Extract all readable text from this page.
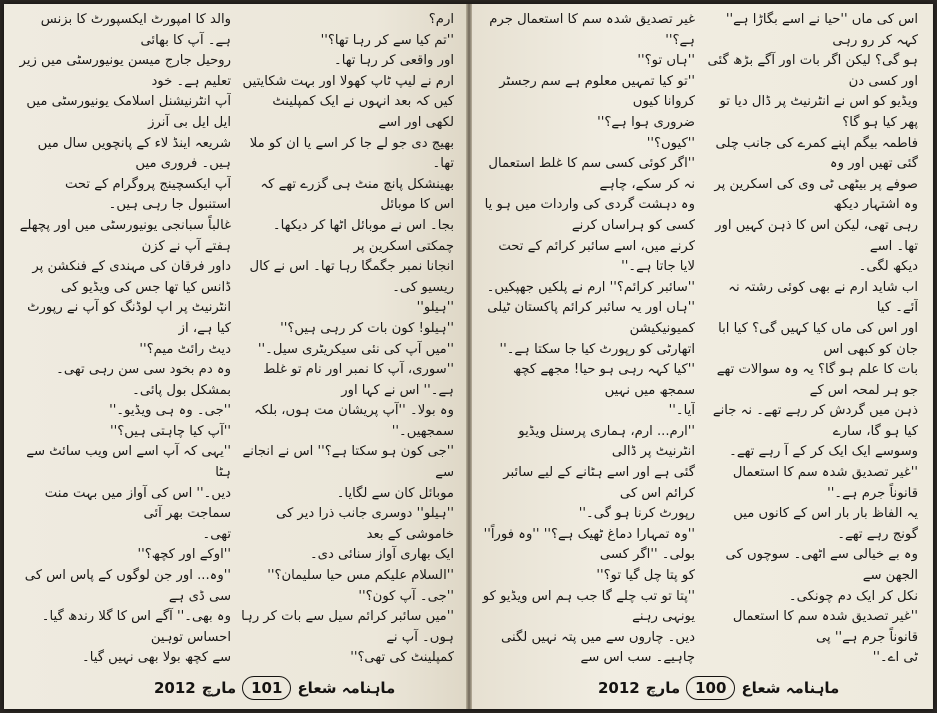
ارم؟

''تم کیا سے کر رہا تھا؟''

اور واقعی کر رہا تھا۔

ارم نے لیپ ٹاپ کھولا اور بہت شکایتیں کیں کہ بعد انہوں نے ایک کمپلینٹ لکھی اور اسے

بھیج دی جو لے جا کر اسے یا ان کو ملا تھا۔

بھینشکل پانچ منٹ ہی گزرے تھے کہ اس کا موبائل

بجا۔ اس نے موبائل اٹھا کر دیکھا۔ چمکتی اسکرین پر

انجانا نمبر جگمگا رہا تھا۔ اس نے کال ریسیو کی۔

''ہیلو''

''ہیلو! کون بات کر رہی ہیں؟''

''میں آپ کی نئی سیکریٹری سیل۔''

''سوری، آپ کا نمبر اور نام تو غلط ہے۔'' اس نے کہا اور

وہ بولا۔ ''آپ پریشان مت ہوں، بلکہ سمجھیں۔''

''جی کون ہو سکتا ہے؟'' اس نے انجانے سے

موبائل کان سے لگایا۔

''ہیلو'' دوسری جانب ذرا دیر کی خاموشی کے بعد

ایک بھاری آواز سنائی دی۔

''السلام علیکم مس حیا سلیمان؟''

''جی۔ آپ کون؟''

''میں سائبر کرائم سیل سے بات کر رہا ہوں۔ آپ نے

کمپلینٹ کی تھی؟''

والد کا امپورٹ ایکسپورٹ کا بزنس ہے۔ آپ کا بھائی

روحیل جارج میسن یونیورسٹی میں زیر تعلیم ہے۔ خود

آپ انٹرنیشنل اسلامک یونیورسٹی میں ایل ایل بی آنرز

شریعہ اینڈ لاء کے پانچویں سال میں ہیں۔ فروری میں

آپ ایکسچینج پروگرام کے تحت استنبول جا رہی ہیں۔

غالباً سبانجی یونیورسٹی میں اور پچھلے ہفتے آپ نے کزن

داور فرقان کی مہندی کے فنکشن پر ڈانس کیا تھا جس کی ویڈیو کی

انٹرنیٹ پر اپ لوڈنگ کو آپ نے رپورٹ کیا ہے، از

دیٹ رائٹ میم؟''

وہ دم بخود سی سن رہی تھی۔ بمشکل بول پائی۔

''جی۔ وہ ہی ویڈیو۔''

''آپ کیا چاہتی ہیں؟''

''یہی کہ آپ اسے اس ویب سائٹ سے ہٹا

دیں۔'' اس کی آواز میں بہت منت سماجت بھر آئی

تھی۔

''اوکے اور کچھ؟''

''وہ... اور جن لوگوں کے پاس اس کی سی ڈی ہے

وہ بھی۔'' آگے اس کا گلا رندھ گیا۔ احساس توہین

سے کچھ بولا بھی نہیں گیا۔

ماہنامہ شعاع
101
مارچ
2012

اس کی ماں ''حیا نے اسے بگاڑا ہے'' کہہ کر رو رہی

ہو گی؟ لیکن اگر بات اور آگے بڑھ گئی اور کسی دن

ویڈیو کو اس نے انٹرنیٹ پر ڈال دیا تو پھر کیا ہو گا؟

فاطمہ بیگم اپنے کمرے کی جانب چلی گئی تھیں اور وہ

صوفے پر بیٹھی ٹی وی کی اسکرین پر وہ اشتہار دیکھ

رہی تھی، لیکن اس کا ذہن کہیں اور تھا۔ اسے

دیکھ لگی۔

اب شاید ارم نے بھی کوئی رشتہ نہ آئے۔ کیا

اور اس کی ماں کیا کہیں گی؟ کیا ابا جان کو کبھی اس

بات کا علم ہو گا؟ یہ وہ سوالات تھے جو ہر لمحہ اس کے

ذہن میں گردش کر رہے تھے۔ نہ جانے کیا ہو گا، سارے

وسوسے ایک ایک کر کے آ رہے تھے۔

''غیر تصدیق شدہ سم کا استعمال قانوناً جرم ہے۔''

یہ الفاظ بار بار اس کے کانوں میں گونج رہے تھے۔

وہ بے خیالی سے اٹھی۔ سوچوں کی الجھن سے

نکل کر ایک دم چونکی۔

''غیر تصدیق شدہ سم کا استعمال قانوناً جرم ہے'' پی

ٹی اے۔''

غیر تصدیق شدہ سم کا استعمال جرم ہے؟''

''ہاں تو؟''

''تو کیا تمہیں معلوم ہے سم رجسٹر کروانا کیوں

ضروری ہوا ہے؟''

''کیوں؟''

''اگر کوئی کسی سم کا غلط استعمال نہ کر سکے، چاہے

وہ دہشت گردی کی واردات میں ہو یا کسی کو ہراساں کرنے

کرنے میں، اسے سائبر کرائم کے تحت لایا جاتا ہے۔''

''سائبر کرائم؟'' ارم نے پلکیں جھپکیں۔

''ہاں اور یہ سائبر کرائم پاکستان ٹیلی کمیونیکیشن

اتھارٹی کو رپورٹ کیا جا سکتا ہے۔''

''کیا کہہ رہی ہو حیا! مجھے کچھ سمجھ میں نہیں

آیا۔''

''ارم... ارم، ہماری پرسنل ویڈیو انٹرنیٹ پر ڈالی

گئی ہے اور اسے ہٹانے کے لیے سائبر کرائم اس کی

رپورٹ کرنا ہو گی۔''

''وہ تمہارا دماغ ٹھیک ہے؟'' ''وہ فوراً'' بولی۔ ''اگر کسی

کو پتا چل گیا تو؟''

''پتا تو تب چلے گا جب ہم اس ویڈیو کو یونہی رہنے

دیں۔ چاروں سے میں پتہ نہیں لگنی چاہیے۔ سب اس سے

ماہنامہ شعاع
100
مارچ
2012
